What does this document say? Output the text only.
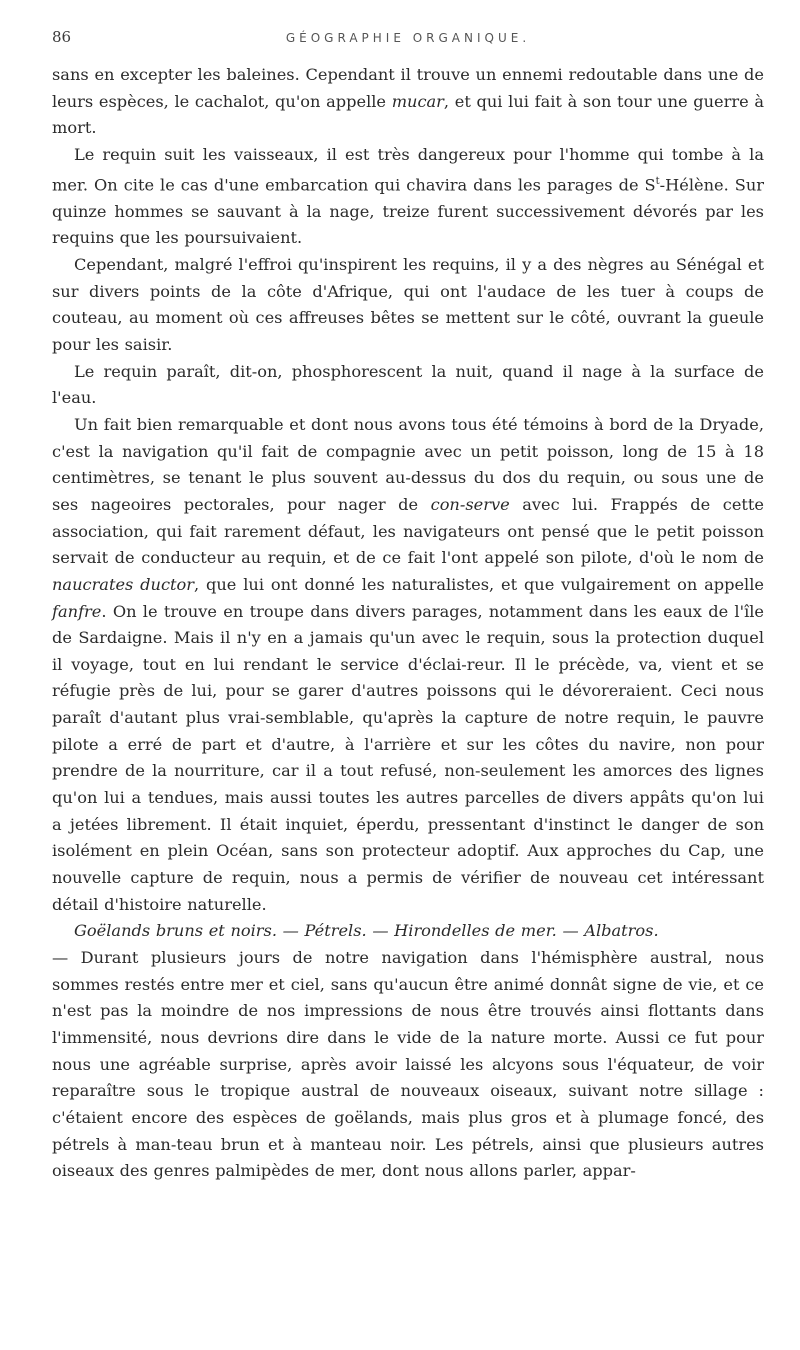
86	GÉOGRAPHIE ORGANIQUE.

sans en excepter les baleines. Cependant il trouve un ennemi redoutable dans une de leurs espèces, le cachalot, qu'on appelle mucar, et qui lui fait à son tour une guerre à mort.

Le requin suit les vaisseaux, il est très dangereux pour l'homme qui tombe à la mer. On cite le cas d'une embarcation qui chavira dans les parages de $S^t$-Hélène. Sur quinze hommes se sauvant à la nage, treize furent successivement dévorés par les requins que les poursuivaient.

Cependant, malgré l'effroi qu'inspirent les requins, il y a des nègres au Sénégal et sur divers points de la côte d'Afrique, qui ont l'audace de les tuer à coups de couteau, au moment où ces affreuses bêtes se mettent sur le côté, ouvrant la gueule pour les saisir.

Le requin paraît, dit-on, phosphorescent la nuit, quand il nage à la surface de l'eau.

Un fait bien remarquable et dont nous avons tous été témoins à bord de la Dryade, c'est la navigation qu'il fait de compagnie avec un petit poisson, long de 15 à 18 centimètres, se tenant le plus souvent au-dessus du dos du requin, ou sous une de ses nageoires pectorales, pour nager de con-serve avec lui. Frappés de cette association, qui fait rarement défaut, les navigateurs ont pensé que le petit poisson servait de conducteur au requin, et de ce fait l'ont appelé son pilote, d'où le nom de naucrates ductor, que lui ont donné les naturalistes, et que vulgairement on appelle fanfre. On le trouve en troupe dans divers parages, notamment dans les eaux de l'île de Sardaigne. Mais il n'y en a jamais qu'un avec le requin, sous la protection duquel il voyage, tout en lui rendant le service d'éclai-reur. Il le précède, va, vient et se réfugie près de lui, pour se garer d'autres poissons qui le dévoreraient. Ceci nous paraît d'autant plus vrai-semblable, qu'après la capture de notre requin, le pauvre pilote a erré de part et d'autre, à l'arrière et sur les côtes du navire, non pour prendre de la nourriture, car il a tout refusé, non-seulement les amorces des lignes qu'on lui a tendues, mais aussi toutes les autres parcelles de divers appâts qu'on lui a jetées librement. Il était inquiet, éperdu, pressentant d'instinct le danger de son isolément en plein Océan, sans son protecteur adoptif. Aux approches du Cap, une nouvelle capture de requin, nous a permis de vérifier de nouveau cet intéressant détail d'histoire naturelle.

Goëlands bruns et noirs. — Pétrels. — Hirondelles de mer. — Albatros.

— Durant plusieurs jours de notre navigation dans l'hémisphère austral, nous sommes restés entre mer et ciel, sans qu'aucun être animé donnât signe de vie, et ce n'est pas la moindre de nos impressions de nous être trouvés ainsi flottants dans l'immensité, nous devrions dire dans le vide de la nature morte. Aussi ce fut pour nous une agréable surprise, après avoir laissé les alcyons sous l'équateur, de voir reparaître sous le tropique austral de nouveaux oiseaux, suivant notre sillage : c'étaient encore des espèces de goëlands, mais plus gros et à plumage foncé, des pétrels à man-teau brun et à manteau noir. Les pétrels, ainsi que plusieurs autres oiseaux des genres palmipèdes de mer, dont nous allons parler, appar-
